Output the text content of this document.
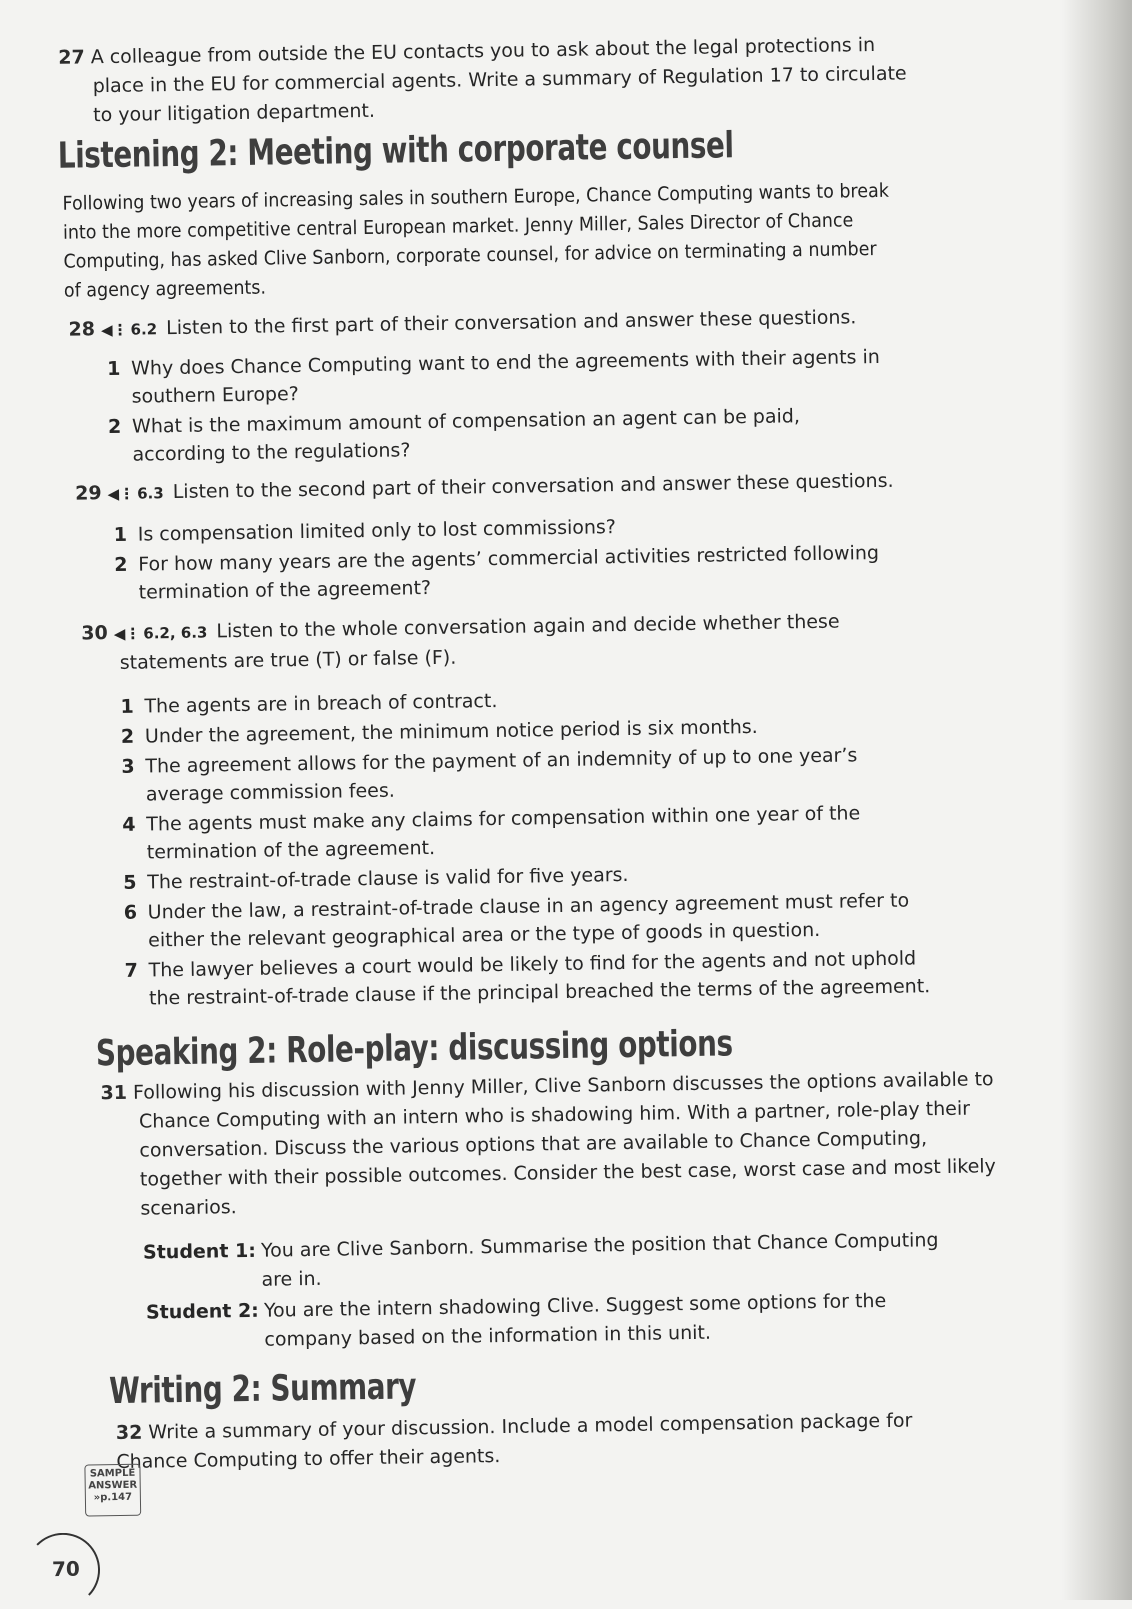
27 A colleague from outside the EU contacts you to ask about the legal protections in place in the EU for commercial agents. Write a summary of Regulation 17 to circulate to your litigation department.
Listening 2: Meeting with corporate counsel
Following two years of increasing sales in southern Europe, Chance Computing wants to break into the more competitive central European market. Jenny Miller, Sales Director of Chance Computing, has asked Clive Sanborn, corporate counsel, for advice on terminating a number of agency agreements.
28 ◀⋮ 6.2 Listen to the first part of their conversation and answer these questions.
1 Why does Chance Computing want to end the agreements with their agents in southern Europe?
2 What is the maximum amount of compensation an agent can be paid, according to the regulations?
29 ◀⋮ 6.3 Listen to the second part of their conversation and answer these questions.
1 Is compensation limited only to lost commissions?
2 For how many years are the agents’ commercial activities restricted following termination of the agreement?
30 ◀⋮ 6.2, 6.3 Listen to the whole conversation again and decide whether these statements are true (T) or false (F).
1 The agents are in breach of contract.
2 Under the agreement, the minimum notice period is six months.
3 The agreement allows for the payment of an indemnity of up to one year’s average commission fees.
4 The agents must make any claims for compensation within one year of the termination of the agreement.
5 The restraint-of-trade clause is valid for five years.
6 Under the law, a restraint-of-trade clause in an agency agreement must refer to either the relevant geographical area or the type of goods in question.
7 The lawyer believes a court would be likely to find for the agents and not uphold the restraint-of-trade clause if the principal breached the terms of the agreement.
Speaking 2: Role-play: discussing options
31 Following his discussion with Jenny Miller, Clive Sanborn discusses the options available to Chance Computing with an intern who is shadowing him. With a partner, role-play their conversation. Discuss the various options that are available to Chance Computing, together with their possible outcomes. Consider the best case, worst case and most likely scenarios.
Student 1: You are Clive Sanborn. Summarise the position that Chance Computing are in.
Student 2: You are the intern shadowing Clive. Suggest some options for the company based on the information in this unit.
Writing 2: Summary
32 Write a summary of your discussion. Include a model compensation package for Chance Computing to offer their agents.
SAMPLE
ANSWER
»p.147
70
